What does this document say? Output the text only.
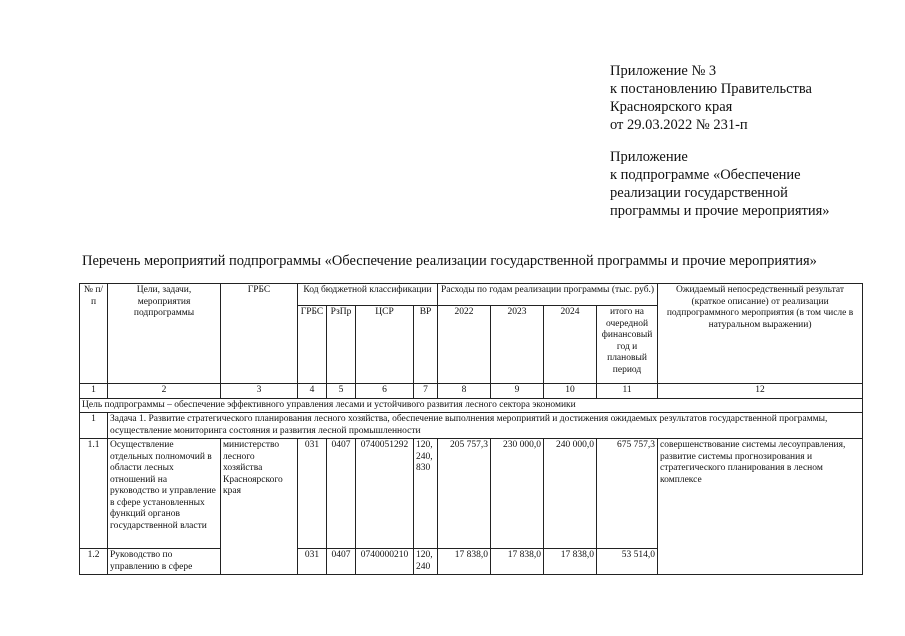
Приложение № 3
к постановлению Правительства
Красноярского края
от 29.03.2022 № 231-п
Приложение
к подпрограмме «Обеспечение
реализации государственной
программы и прочие мероприятия»
Перечень мероприятий подпрограммы «Обеспечение реализации государственной программы и прочие мероприятия»
№ п/п	Цели, задачи, мероприятия подпрограммы	ГРБС	Код бюджетной классификации				Расходы по годам реализации программы (тыс. руб.)				Ожидаемый непосредственный результат (краткое описание) от реализации подпрограммного мероприятия (в том числе в натуральном выражении)
			ГРБС	РзПр	ЦСР	ВР	2022	2023	2024	итого на очередной финансовый год и плановый период	
1	2	3	4	5	6	7	8	9	10	11	12
Цель подпрограммы – обеспечение эффективного управления лесами и устойчивого развития лесного сектора экономики											
1	Задача 1. Развитие стратегического планирования лесного хозяйства, обеспечение выполнения мероприятий и достижения ожидаемых результатов государственной программы, осуществление мониторинга состояния и развития лесной промышленности										
1.1	Осуществление отдельных полномочий в области лесных отношений на руководство и управление в сфере установленных функций органов государственной власти	министерство лесного хозяйства Красноярского края	031	0407	0740051292	120, 240, 830	205 757,3	230 000,0	240 000,0	675 757,3	совершенствование системы лесоуправления, развитие системы прогнозирования и стратегического планирования в лесном комплексе
1.2	Руководство по управлению в сфере		031	0407	0740000210	120, 240	17 838,0	17 838,0	17 838,0	53 514,0	
